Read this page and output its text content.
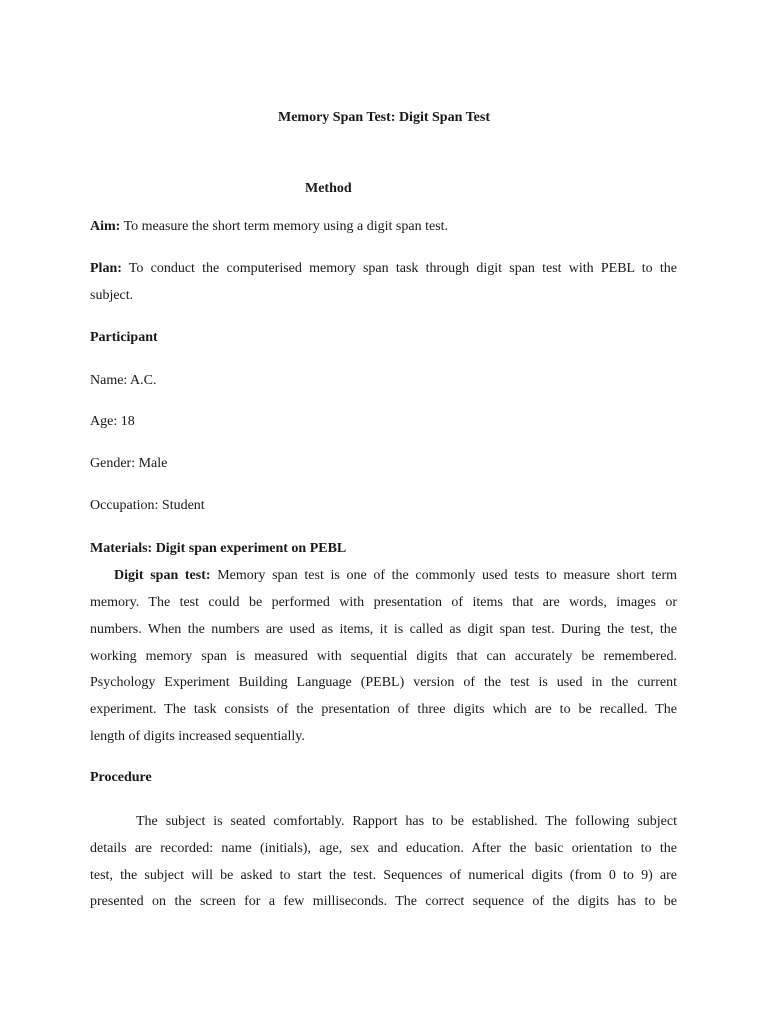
Memory Span Test: Digit Span Test
Method
Aim: To measure the short term memory using a digit span test.
Plan: To conduct the computerised memory span task through digit span test with PEBL to the
subject.
Participant
Name: A.C.
Age: 18
Gender: Male
Occupation: Student
Materials: Digit span experiment on PEBL
Digit span test: Memory span test is one of the commonly used tests to measure short term
memory. The test could be performed with presentation of items that are words, images or
numbers. When the numbers are used as items, it is called as digit span test. During the test, the
working memory span is measured with sequential digits that can accurately be remembered.
Psychology Experiment Building Language (PEBL) version of the test is used in the current
experiment. The task consists of the presentation of three digits which are to be recalled. The
length of digits increased sequentially.
Procedure
The subject is seated comfortably. Rapport has to be established. The following subject
details are recorded: name (initials), age, sex and education. After the basic orientation to the
test, the subject will be asked to start the test. Sequences of numerical digits (from 0 to 9) are
presented on the screen for a few milliseconds. The correct sequence of the digits has to be
